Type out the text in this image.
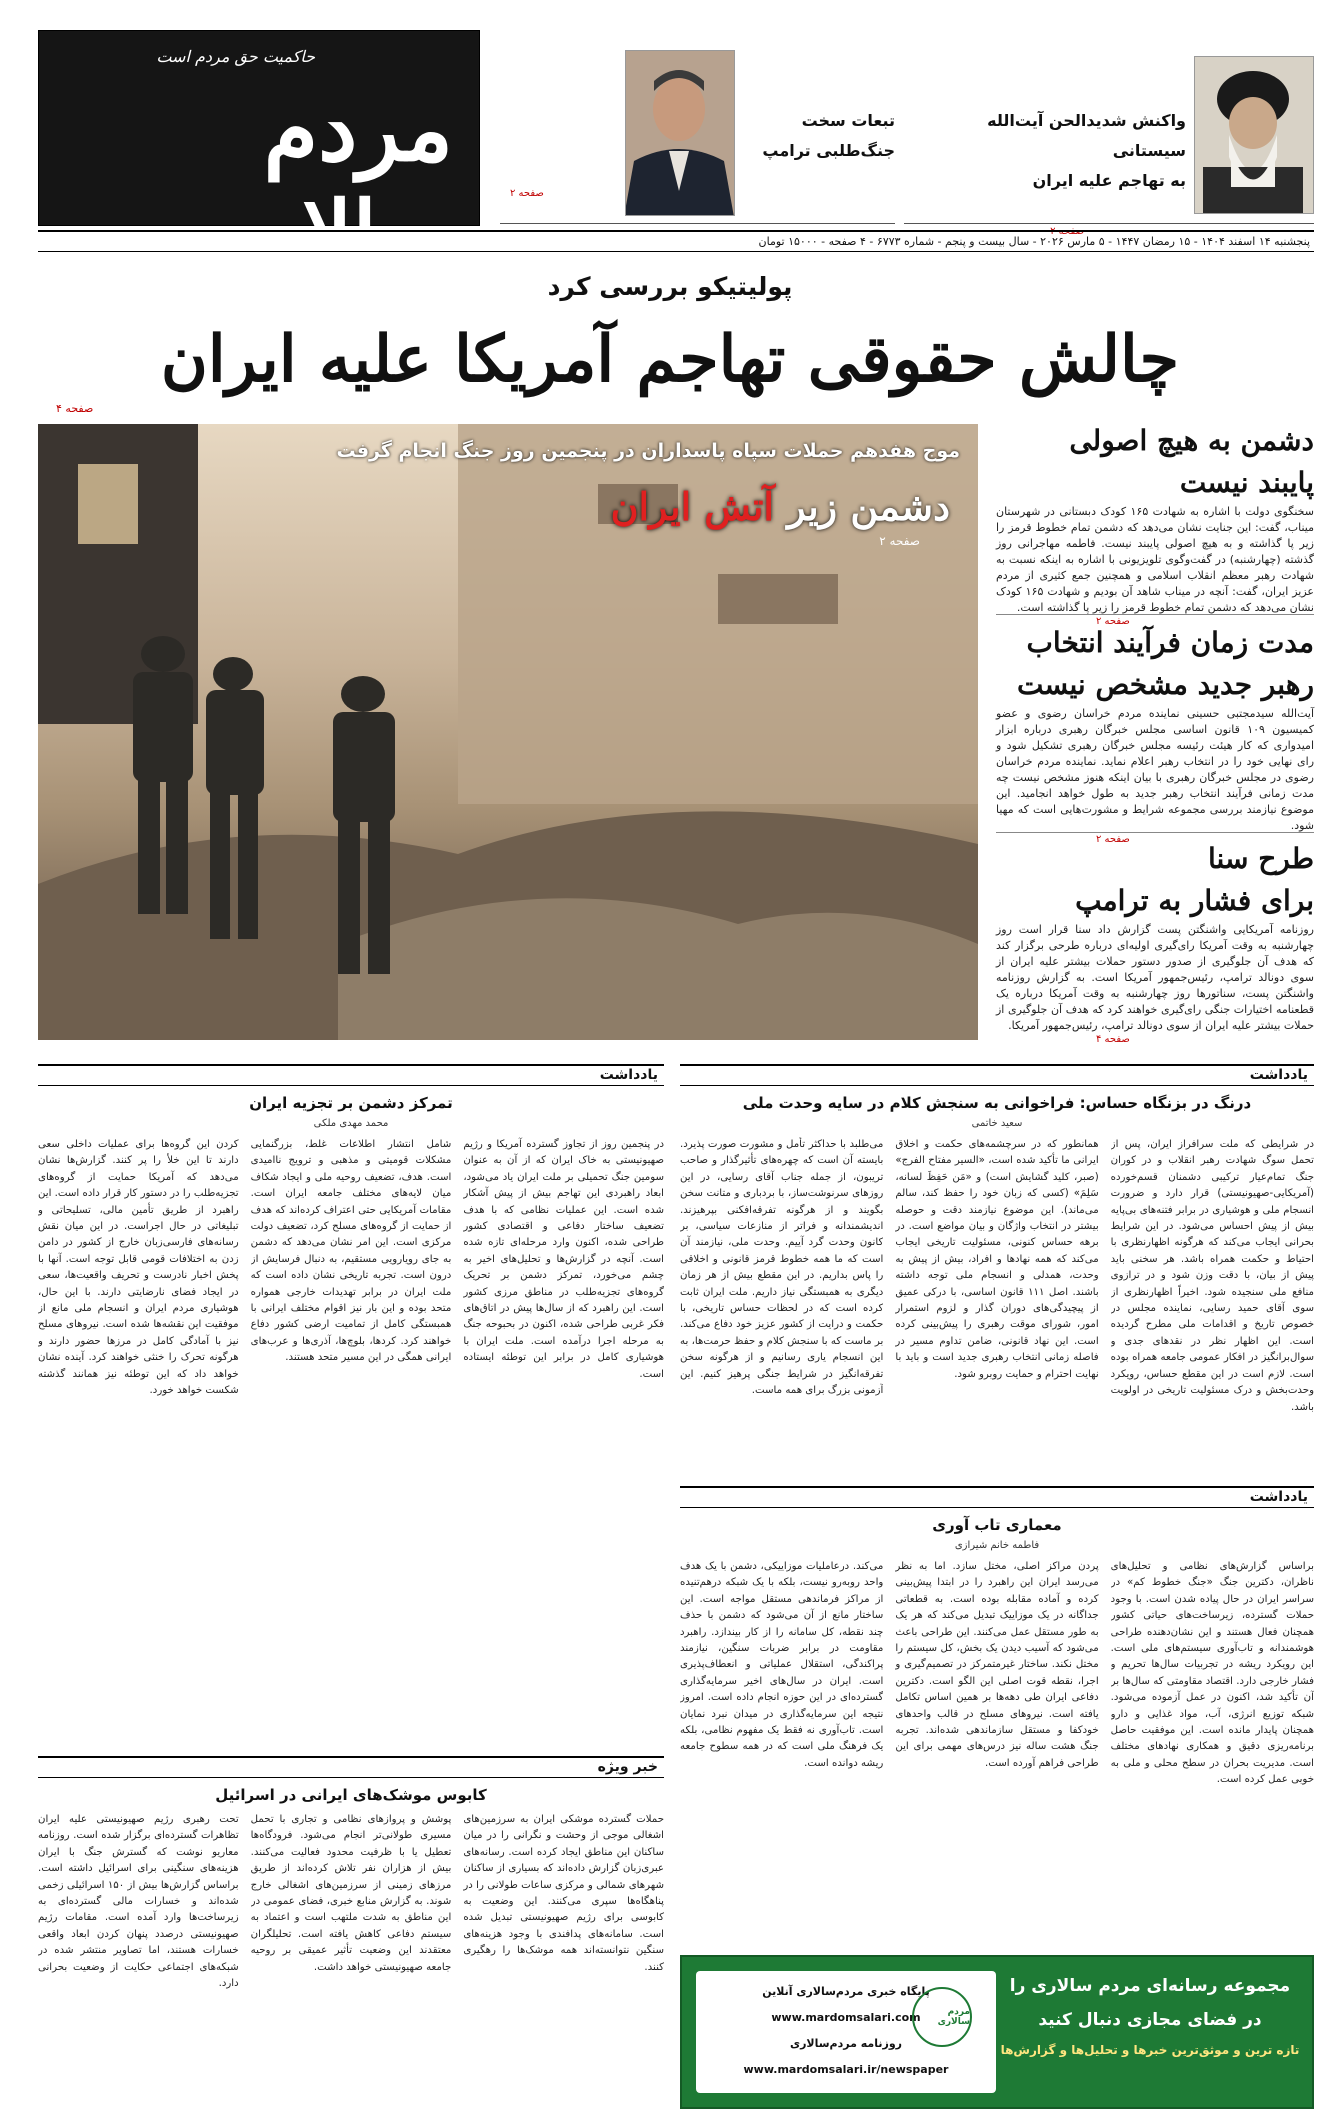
حاکمیت حق مردم است
مردم سالاری
واکنش شدیدالحن آیت‌الله سیستانی
به تهاجم علیه ایران
صفحه ۲
تبعات سخت
جنگ‌طلبی ترامپ
صفحه ۲
پنجشنبه ۱۴ اسفند ۱۴۰۴ - ۱۵ رمضان ۱۴۴۷ - ۵ مارس ۲۰۲۶ - سال بیست و پنجم - شماره ۶۷۷۳ - ۴ صفحه - ۱۵۰۰۰ تومان
پولیتیکو بررسی کرد
چالش حقوقی تهاجم آمریکا علیه ایران
صفحه ۴
موج هفدهم حملات سپاه پاسداران در پنجمین روز جنگ انجام گرفت
دشمن زیر آتش ایران
صفحه ۲
دشمن به هیچ اصولی
پایبند نیست
سخنگوی دولت با اشاره به شهادت ۱۶۵ کودک دبستانی در شهرستان میناب، گفت: این جنایت نشان می‌دهد که دشمن تمام خطوط قرمز را زیر پا گذاشته و به هیچ اصولی پایبند نیست. فاطمه مهاجرانی روز گذشته (چهارشنبه) در گفت‌وگوی تلویزیونی با اشاره به اینکه نسبت به شهادت رهبر معظم انقلاب اسلامی و همچنین جمع کثیری از مردم عزیز ایران، گفت: آنچه در میناب شاهد آن بودیم و شهادت ۱۶۵ کودک نشان می‌دهد که دشمن تمام خطوط قرمز را زیر پا گذاشته است.
صفحه ۲
مدت زمان فرآیند انتخاب
رهبر جدید مشخص نیست
آیت‌الله سیدمجتبی حسینی نماینده مردم خراسان رضوی و عضو کمیسیون ۱۰۹ قانون اساسی مجلس خبرگان رهبری درباره ابزار امیدواری که کار هیئت رئیسه مجلس خبرگان رهبری تشکیل شود و رای نهایی خود را در انتخاب رهبر اعلام نماید. نماینده مردم خراسان رضوی در مجلس خبرگان رهبری با بیان اینکه هنوز مشخص نیست چه مدت زمانی فرآیند انتخاب رهبر جدید به طول خواهد انجامید. این موضوع نیازمند بررسی مجموعه شرایط و مشورت‌هایی است که مهیا شود.
صفحه ۲
طرح سنا
برای فشار به ترامپ
روزنامه آمریکایی واشنگتن پست گزارش داد سنا قرار است روز چهارشنبه به وقت آمریکا رای‌گیری اولیه‌ای درباره طرحی برگزار کند که هدف آن جلوگیری از صدور دستور حملات بیشتر علیه ایران از سوی دونالد ترامپ، رئیس‌جمهور آمریکا است. به گزارش روزنامه واشنگتن پست، سناتورها روز چهارشنبه به وقت آمریکا درباره یک قطعنامه اختیارات جنگی رای‌گیری خواهند کرد که هدف آن جلوگیری از حملات بیشتر علیه ایران از سوی دونالد ترامپ، رئیس‌جمهور آمریکا.
صفحه ۴
یادداشت
درنگ در بزنگاه حساس: فراخوانی به سنجش کلام در سایه وحدت ملی
سعید خاتمی
در شرایطی که ملت سرافراز ایران، پس از تحمل سوگ شهادت رهبر انقلاب و در کوران جنگ تمام‌عیار ترکیبی دشمنان قسم‌خورده (آمریکایی-صهیونیستی) قرار دارد و ضرورت انسجام ملی و هوشیاری در برابر فتنه‌های بی‌پایه بیش از پیش احساس می‌شود. در این شرایط بحرانی ایجاب می‌کند که هرگونه اظهارنظری با احتیاط و حکمت همراه باشد. هر سخنی باید پیش از بیان، با دقت وزن شود و در ترازوی منافع ملی سنجیده شود. اخیراً اظهارنظری از سوی آقای حمید رسایی، نماینده مجلس در خصوص تاریخ و اقدامات ملی مطرح گردیده است. این اظهار نظر در نقدهای جدی و سوال‌برانگیز در افکار عمومی جامعه همراه بوده است. لازم است در این مقطع حساس، رویکرد وحدت‌بخش و درک مسئولیت تاریخی در اولویت باشد.
همانطور که در سرچشمه‌های حکمت و اخلاق ایرانی ما تأکید شده است، «السیر مفتاح الفرج» (صبر، کلید گشایش است) و «مَن حَفِظَ لسانه، سَلِمَ» (کسی که زبان خود را حفظ کند، سالم می‌ماند). این موضوع نیازمند دقت و حوصله بیشتر در انتخاب واژگان و بیان مواضع است. در برهه حساس کنونی، مسئولیت تاریخی ایجاب می‌کند که همه نهادها و افراد، بیش از پیش به وحدت، همدلی و انسجام ملی توجه داشته باشند. اصل ۱۱۱ قانون اساسی، با درکی عمیق از پیچیدگی‌های دوران گذار و لزوم استمرار امور، شورای موقت رهبری را پیش‌بینی کرده است. این نهاد قانونی، ضامن تداوم مسیر در فاصله زمانی انتخاب رهبری جدید است و باید با نهایت احترام و حمایت روبرو شود.
می‌طلبد با حداکثر تأمل و مشورت صورت پذیرد. بایسته آن است که چهره‌های تأثیرگذار و صاحب تریبون، از جمله جناب آقای رسایی، در این روزهای سرنوشت‌ساز، با بردباری و متانت سخن بگویند و از هرگونه تفرقه‌افکنی بپرهیزند. اندیشمندانه و فراتر از منازعات سیاسی، بر کانون وحدت گرد آییم. وحدت ملی، نیازمند آن است که ما همه خطوط قرمز قانونی و اخلاقی را پاس بداریم. در این مقطع بیش از هر زمان دیگری به همبستگی نیاز داریم. ملت ایران ثابت کرده است که در لحظات حساس تاریخی، با حکمت و درایت از کشور عزیز خود دفاع می‌کند. بر ماست که با سنجش کلام و حفظ حرمت‌ها، به این انسجام یاری رسانیم و از هرگونه سخن تفرقه‌انگیز در شرایط جنگی پرهیز کنیم. این آزمونی بزرگ برای همه ماست.
یادداشت
تمرکز دشمن بر تجزیه ایران
محمد مهدی ملکی
در پنجمین روز از تجاوز گسترده آمریکا و رژیم صهیونیستی به خاک ایران که از آن به عنوان سومین جنگ تحمیلی بر ملت ایران یاد می‌شود، ابعاد راهبردی این تهاجم بیش از پیش آشکار شده است. این عملیات نظامی که با هدف تضعیف ساختار دفاعی و اقتصادی کشور طراحی شده، اکنون وارد مرحله‌ای تازه شده است. آنچه در گزارش‌ها و تحلیل‌های اخیر به چشم می‌خورد، تمرکز دشمن بر تحریک گروه‌های تجزیه‌طلب در مناطق مرزی کشور است. این راهبرد که از سال‌ها پیش در اتاق‌های فکر غربی طراحی شده، اکنون در بحبوحه جنگ به مرحله اجرا درآمده است. ملت ایران با هوشیاری کامل در برابر این توطئه ایستاده است.
شامل انتشار اطلاعات غلط، بزرگنمایی مشکلات قومیتی و مذهبی و ترویج ناامیدی است. هدف، تضعیف روحیه ملی و ایجاد شکاف میان لایه‌های مختلف جامعه ایران است. مقامات آمریکایی حتی اعتراف کرده‌اند که هدف از حمایت از گروه‌های مسلح کرد، تضعیف دولت مرکزی است. این امر نشان می‌دهد که دشمن به جای رویارویی مستقیم، به دنبال فرسایش از درون است. تجربه تاریخی نشان داده است که ملت ایران در برابر تهدیدات خارجی همواره متحد بوده و این بار نیز اقوام مختلف ایرانی با همبستگی کامل از تمامیت ارضی کشور دفاع خواهند کرد. کردها، بلوچ‌ها، آذری‌ها و عرب‌های ایرانی همگی در این مسیر متحد هستند.
کردن این گروه‌ها برای عملیات داخلی سعی دارند تا این خلأ را پر کنند. گزارش‌ها نشان می‌دهد که آمریکا حمایت از گروه‌های تجزیه‌طلب را در دستور کار قرار داده است. این راهبرد از طریق تأمین مالی، تسلیحاتی و تبلیغاتی در حال اجراست. در این میان نقش رسانه‌های فارسی‌زبان خارج از کشور در دامن زدن به اختلافات قومی قابل توجه است. آنها با پخش اخبار نادرست و تحریف واقعیت‌ها، سعی در ایجاد فضای نارضایتی دارند. با این حال، هوشیاری مردم ایران و انسجام ملی مانع از موفقیت این نقشه‌ها شده است. نیروهای مسلح نیز با آمادگی کامل در مرزها حضور دارند و هرگونه تحرک را خنثی خواهند کرد. آینده نشان خواهد داد که این توطئه نیز همانند گذشته شکست خواهد خورد.
یادداشت
معماری تاب آوری
فاطمه خانم شیرازی
براساس گزارش‌های نظامی و تحلیل‌های ناظران، دکترین جنگ «جنگ خطوط کم» در سراسر ایران در حال پیاده شدن است. با وجود حملات گسترده، زیرساخت‌های حیاتی کشور همچنان فعال هستند و این نشان‌دهنده طراحی هوشمندانه و تاب‌آوری سیستم‌های ملی است. این رویکرد ریشه در تجربیات سال‌ها تحریم و فشار خارجی دارد. اقتصاد مقاومتی که سال‌ها بر آن تأکید شد، اکنون در عمل آزموده می‌شود. شبکه توزیع انرژی، آب، مواد غذایی و دارو همچنان پایدار مانده است. این موفقیت حاصل برنامه‌ریزی دقیق و همکاری نهادهای مختلف است. مدیریت بحران در سطح محلی و ملی به خوبی عمل کرده است.
پردن مراکز اصلی، مختل سازد. اما به نظر می‌رسد ایران این راهبرد را در ابتدا پیش‌بینی کرده و آماده مقابله بوده است. به قطعاتی جداگانه در یک موزاییک تبدیل می‌کند که هر یک به طور مستقل عمل می‌کنند. این طراحی باعث می‌شود که آسیب دیدن یک بخش، کل سیستم را مختل نکند. ساختار غیرمتمرکز در تصمیم‌گیری و اجرا، نقطه قوت اصلی این الگو است. دکترین دفاعی ایران طی دهه‌ها بر همین اساس تکامل یافته است. نیروهای مسلح در قالب واحدهای خودکفا و مستقل سازماندهی شده‌اند. تجربه جنگ هشت ساله نیز درس‌های مهمی برای این طراحی فراهم آورده است.
می‌کند. درعاملیات موزاییکی، دشمن با یک هدف واحد روبه‌رو نیست، بلکه با یک شبکه درهم‌تنیده از مراکز فرماندهی مستقل مواجه است. این ساختار مانع از آن می‌شود که دشمن با حذف چند نقطه، کل سامانه را از کار بیندازد. راهبرد مقاومت در برابر ضربات سنگین، نیازمند پراکندگی، استقلال عملیاتی و انعطاف‌پذیری است. ایران در سال‌های اخیر سرمایه‌گذاری گسترده‌ای در این حوزه انجام داده است. امروز نتیجه این سرمایه‌گذاری در میدان نبرد نمایان است. تاب‌آوری نه فقط یک مفهوم نظامی، بلکه یک فرهنگ ملی است که در همه سطوح جامعه ریشه دوانده است.
خبر ویژه
کابوس موشک‌های ایرانی در اسرائیل
حملات گسترده موشکی ایران به سرزمین‌های اشغالی موجی از وحشت و نگرانی را در میان ساکنان این مناطق ایجاد کرده است. رسانه‌های عبری‌زبان گزارش داده‌اند که بسیاری از ساکنان شهرهای شمالی و مرکزی ساعات طولانی را در پناهگاه‌ها سپری می‌کنند. این وضعیت به کابوسی برای رژیم صهیونیستی تبدیل شده است. سامانه‌های پدافندی با وجود هزینه‌های سنگین نتوانسته‌اند همه موشک‌ها را رهگیری کنند.
پوشش و پروازهای نظامی و تجاری با تحمل مسیری طولانی‌تر انجام می‌شود. فرودگاه‌ها تعطیل یا با ظرفیت محدود فعالیت می‌کنند. بیش از هزاران نفر تلاش کرده‌اند از طریق مرزهای زمینی از سرزمین‌های اشغالی خارج شوند. به گزارش منابع خبری، فضای عمومی در این مناطق به شدت ملتهب است و اعتماد به سیستم دفاعی کاهش یافته است. تحلیلگران معتقدند این وضعیت تأثیر عمیقی بر روحیه جامعه صهیونیستی خواهد داشت.
تحت رهبری رژیم صهیونیستی علیه ایران تظاهرات گسترده‌ای برگزار شده است. روزنامه معاریو نوشت که گسترش جنگ با ایران هزینه‌های سنگینی برای اسرائیل داشته است. براساس گزارش‌ها بیش از ۱۵۰ اسرائیلی زخمی شده‌اند و خسارات مالی گسترده‌ای به زیرساخت‌ها وارد آمده است. مقامات رژیم صهیونیستی درصدد پنهان کردن ابعاد واقعی خسارات هستند، اما تصاویر منتشر شده در شبکه‌های اجتماعی حکایت از وضعیت بحرانی دارد.	مجموعه رسانه‌ای مردم سالاری را
در فضای مجازی دنبال کنید
تازه ترین و موثق‌ترین خبرها و تحلیل‌ها و گزارش‌ها
پایگاه خبری مردم‌سالاری آنلاین
www.mardomsalari.com
روزنامه مردم‌سالاری
www.mardomsalari.ir/newspaper
مردم سالاری
